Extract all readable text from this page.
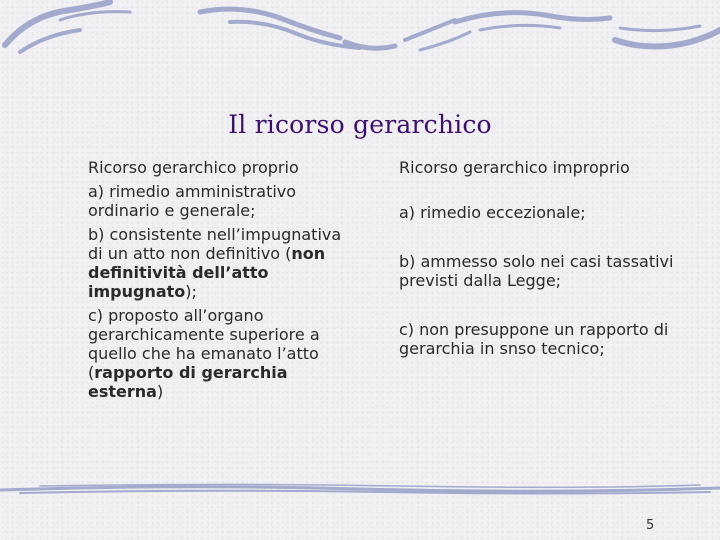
Il ricorso gerarchico

Ricorso gerarchico proprio

a) rimedio amministrativo ordinario e generale;

b) consistente nell’impugnativa di un atto non definitivo (non definitività dell’atto impugnato);

c) proposto all’organo gerarchicamente superiore a quello che ha emanato l’atto (rapporto di gerarchia esterna)

Ricorso gerarchico improprio

a) rimedio eccezionale;

b) ammesso solo nei casi tassativi previsti dalla Legge;

c) non presuppone un rapporto di gerarchia in snso tecnico;

5
